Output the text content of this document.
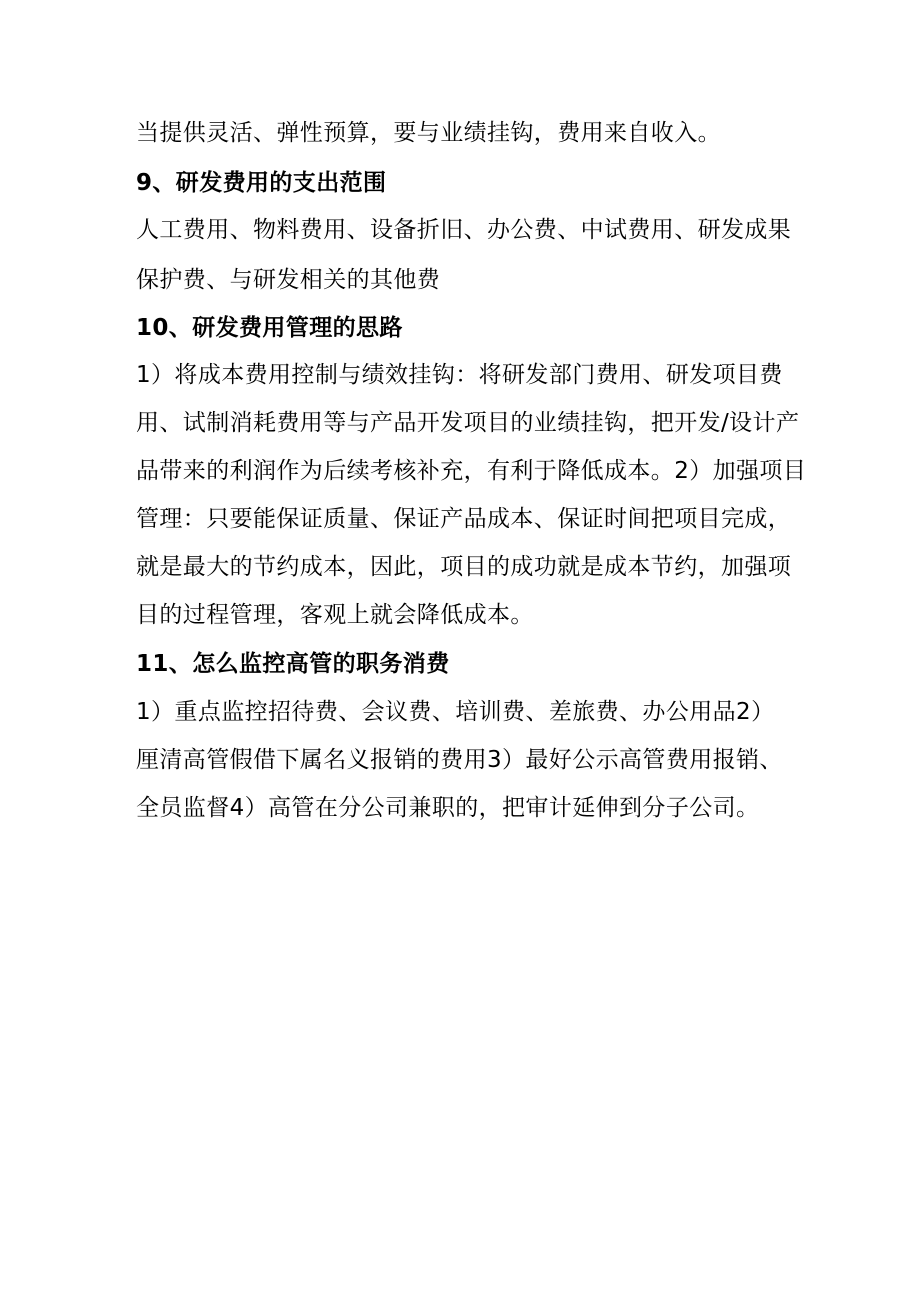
当提供灵活、弹性预算，要与业绩挂钩，费用来自收入。

9、研发费用的支出范围

人工费用、物料费用、设备折旧、办公费、中试费用、研发成果

保护费、与研发相关的其他费

10、研发费用管理的思路

1）将成本费用控制与绩效挂钩：将研发部门费用、研发项目费

用、试制消耗费用等与产品开发项目的业绩挂钩，把开发/设计产

品带来的利润作为后续考核补充，有利于降低成本。2）加强项目

管理：只要能保证质量、保证产品成本、保证时间把项目完成，

就是最大的节约成本，因此，项目的成功就是成本节约，加强项

目的过程管理，客观上就会降低成本。

11、怎么监控高管的职务消费

1）重点监控招待费、会议费、培训费、差旅费、办公用品2）

厘清高管假借下属名义报销的费用3）最好公示高管费用报销、

全员监督4）高管在分公司兼职的，把审计延伸到分子公司。
